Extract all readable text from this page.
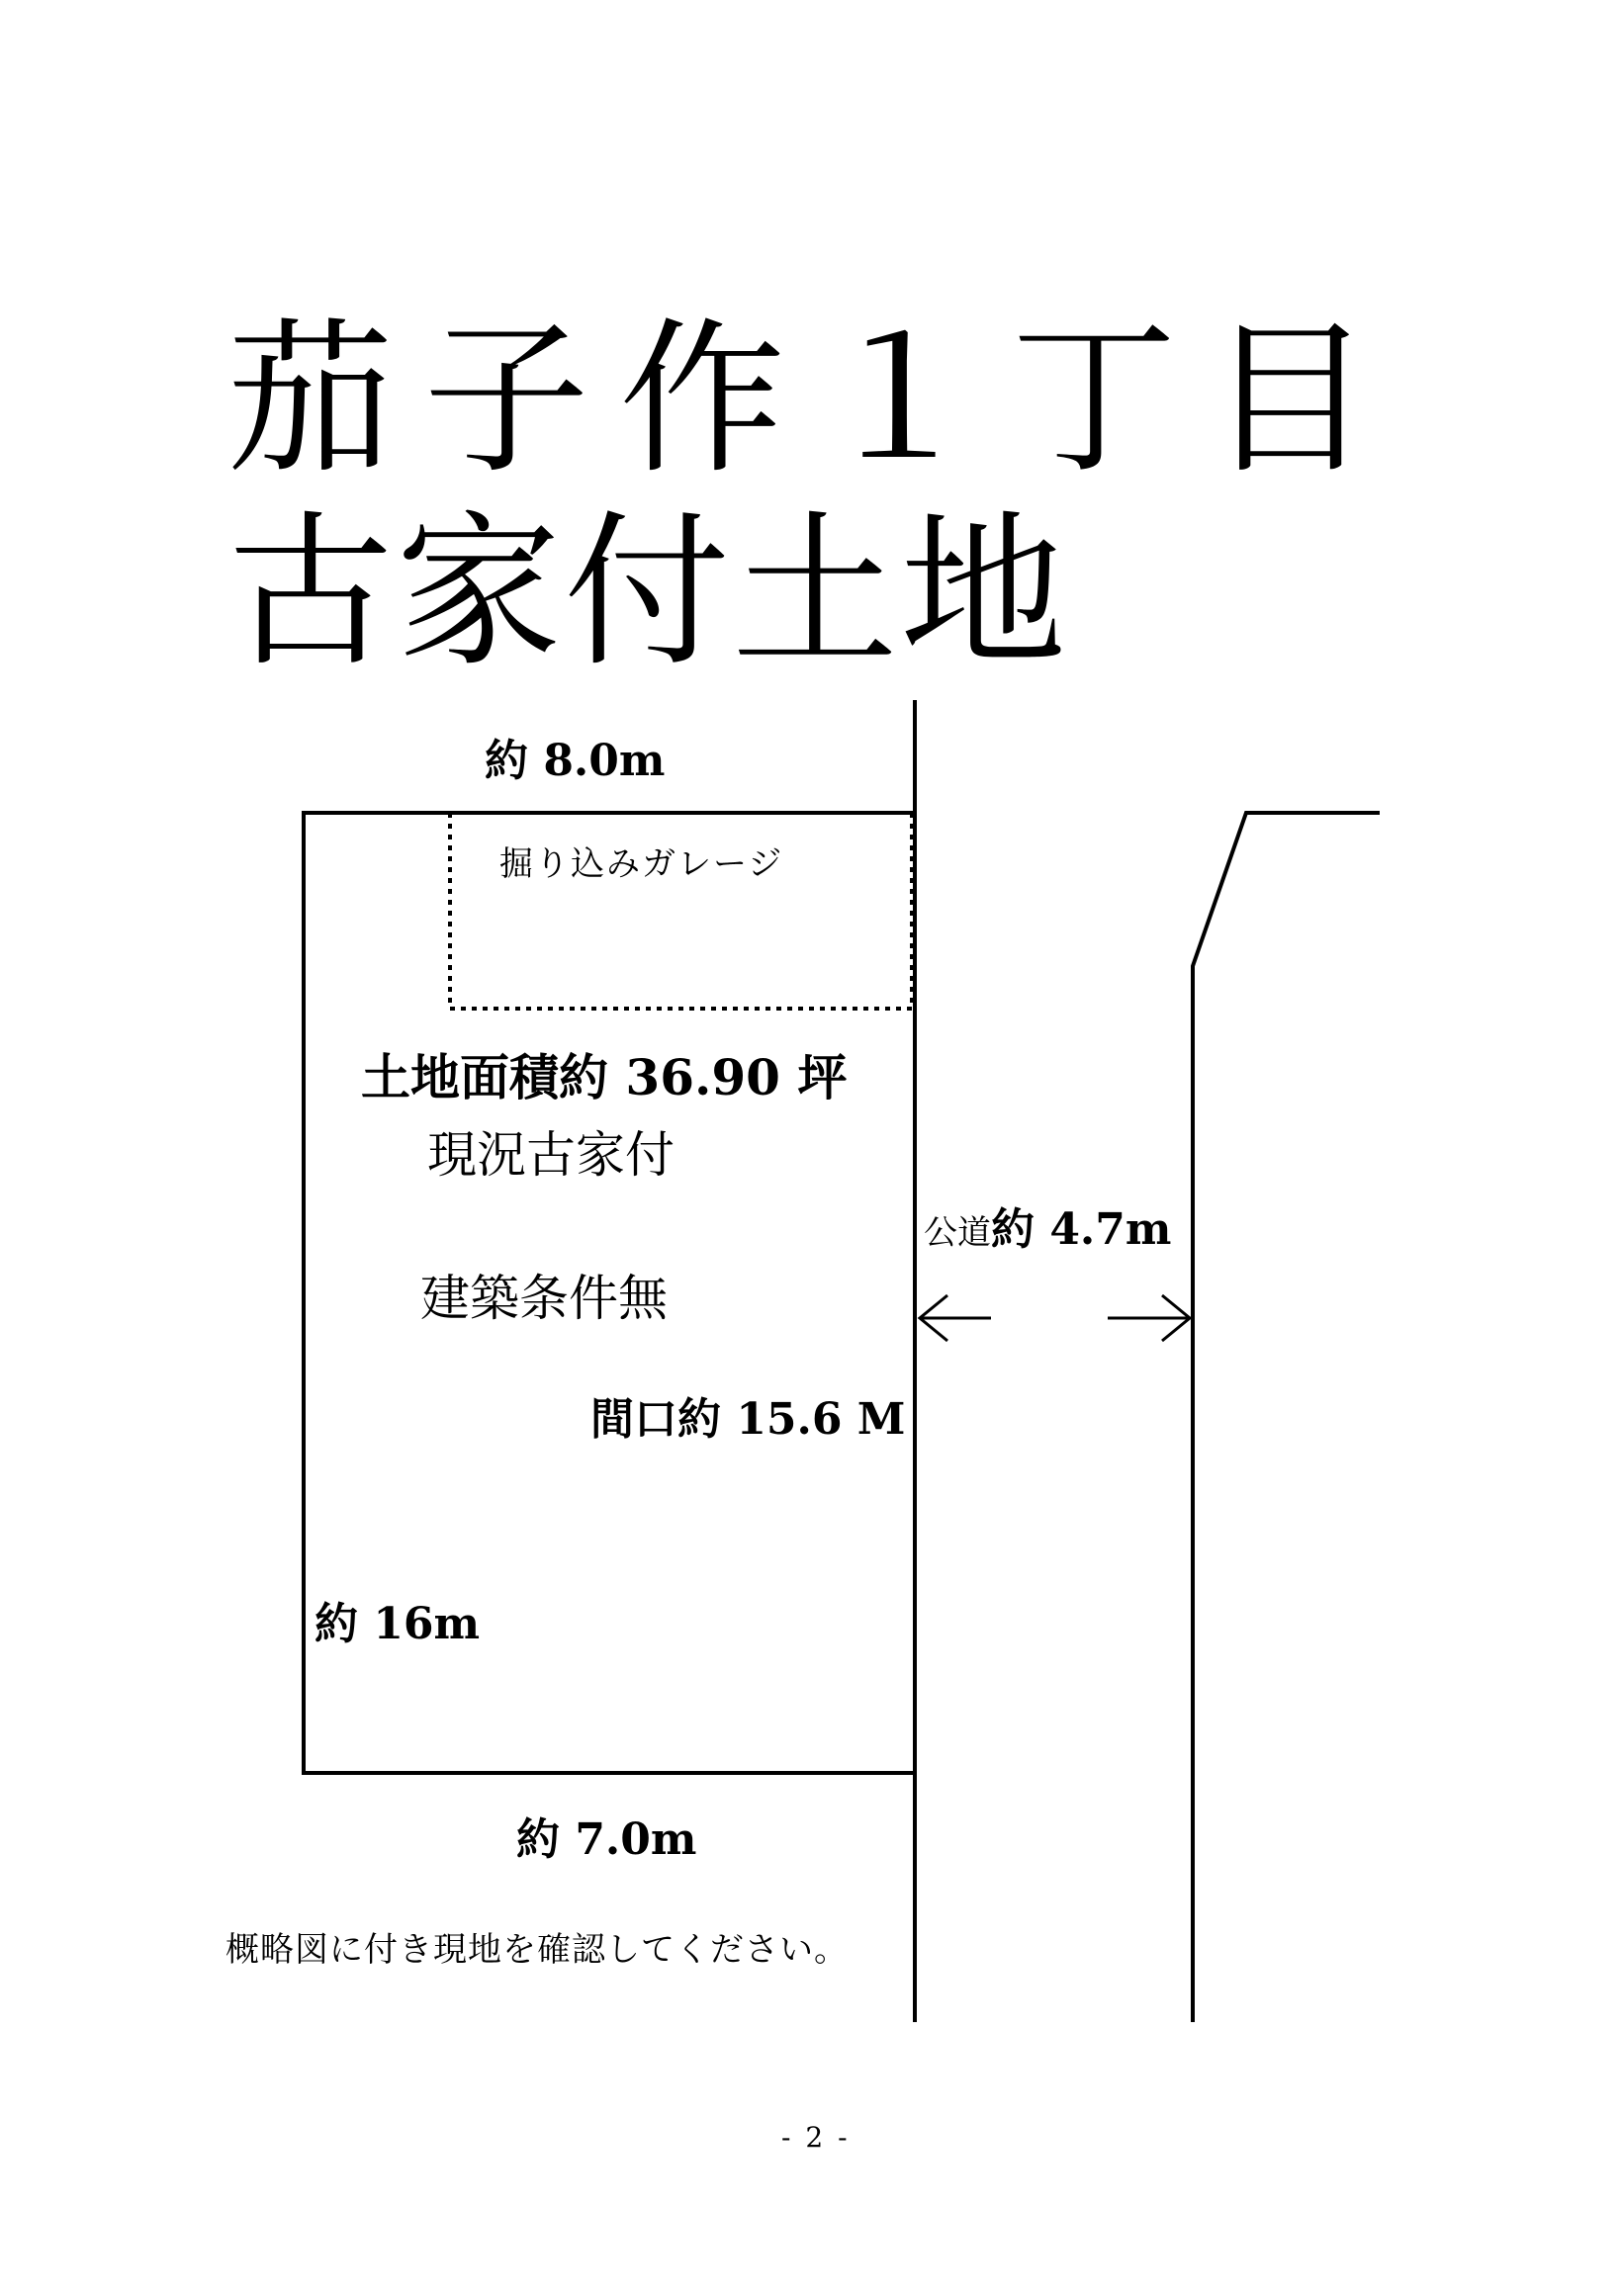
茄子作１丁目
古家付土地
約 8.0m
掘り込みガレージ
土地面積約 36.90 坪
現況古家付
建築条件無
公道約 4.7m
間口約 15.6 M
約 16m
約 7.0m
概略図に付き現地を確認してください。
- 2 -
